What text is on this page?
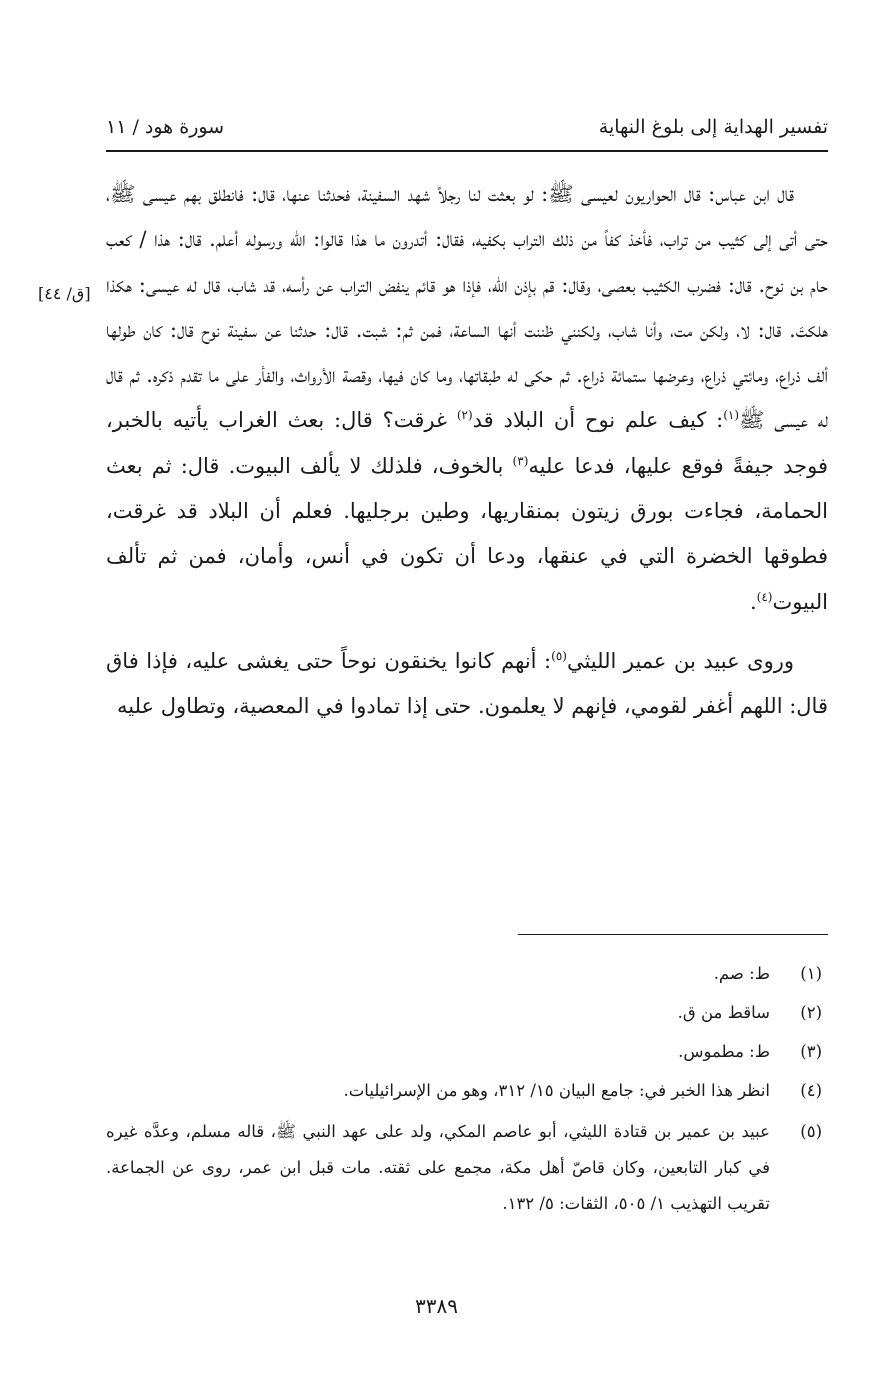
تفسير الهداية إلى بلوغ النهاية
سورة هود / ١١
[ق/ ٤٤]

قال ابن عباس: قال الحواريون لعيسى ﷺ: لو بعثت لنا رجلاً شهد السفينة، فحدثنا عنها، قال: فانطلق بهم عيسى ﷺ، حتى أتى إلى كثيب من تراب، فأخذ كفاً من ذلك التراب بكفيه، فقال: أتدرون ما هذا قالوا: الله ورسوله أعلم. قال: هذا / كعب حام بن نوح. قال: فضرب الكثيب بعصى، وقال: قم بإذن الله، فإذا هو قائم ينفض التراب عن رأسه، قد شاب، قال له عيسى: هكذا هلكتَ. قال: لا، ولكن مت، وأنا شاب، ولكنني ظننت أنها الساعة، فمن ثم: شبت. قال: حدثنا عن سفينة نوح قال: كان طولها ألف ذراع، ومائتي ذراع، وعرضها ستمائة ذراع. ثم حكى له طبقاتها، وما كان فيها، وقصة الأرواث، والفأر على ما تقدم ذكره. ثم قال له عيسى ﷺ$^{(١)}$: كيف علم نوح أن البلاد قد$^{(٢)}$ غرقت؟ قال: بعث الغراب يأتيه بالخبر، فوجد جيفةً فوقع عليها، فدعا عليه$^{(٣)}$ بالخوف، فلذلك لا يألف البيوت. قال: ثم بعث الحمامة، فجاءت بورق زيتون بمنقاريها، وطين برجليها. فعلم أن البلاد قد غرقت، فطوقها الخضرة التي في عنقها، ودعا أن تكون في أنس، وأمان، فمن ثم تألف البيوت$^{(٤)}$.

وروى عبيد بن عمير الليثي$^{(٥)}$: أنهم كانوا يخنقون نوحاً حتى يغشى عليه، فإذا فاق قال: اللهم أغفر لقومي، فإنهم لا يعلمون. حتى إذا تمادوا في المعصية، وتطاول عليه

(١)
ط: صم.
(٢)
ساقط من ق.
(٣)
ط: مطموس.
(٤)
انظر هذا الخبر في: جامع البيان ١٥/ ٣١٢، وهو من الإسرائيليات.
(٥)
عبيد بن عمير بن قتادة الليثي، أبو عاصم المكي، ولد على عهد النبي ﷺ، قاله مسلم، وعدَّه غيره في كبار التابعين، وكان قاصّ أهل مكة، مجمع على ثقته. مات قبل ابن عمر، روى عن الجماعة. تقريب التهذيب ١/ ٥٠٥، الثقات: ٥/ ١٣٢.
٣٣٨٩
